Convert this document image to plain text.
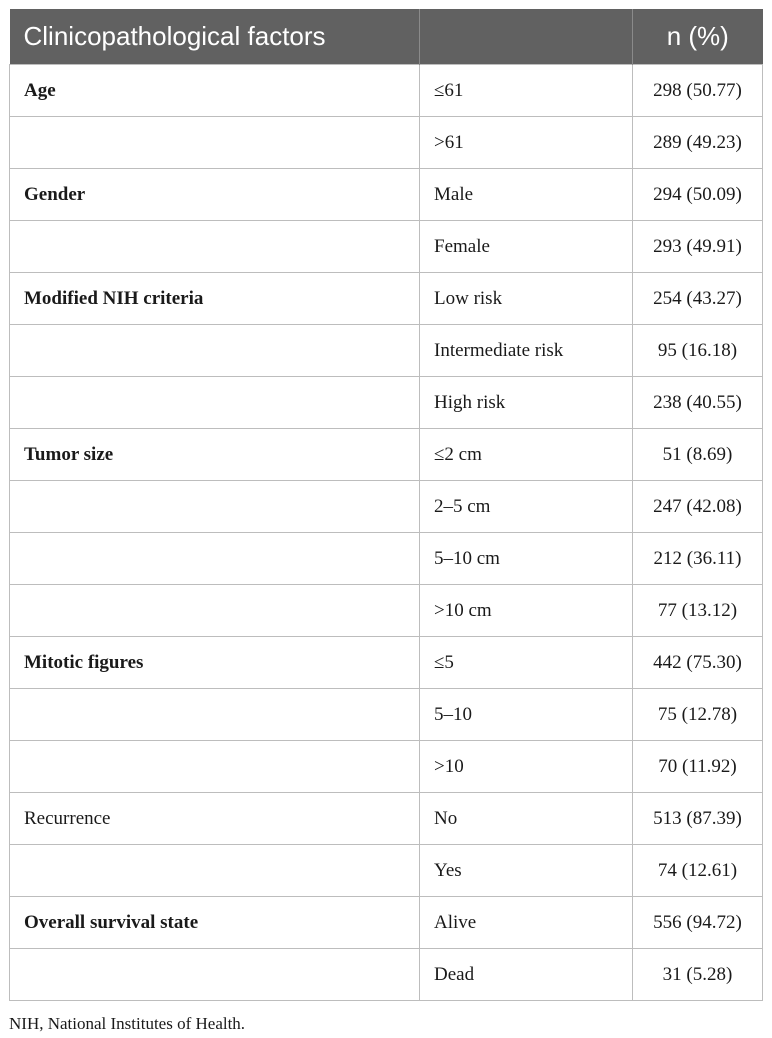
Clinicopathological factors		n (%)
Age	≤61	298 (50.77)
	>61	289 (49.23)
Gender	Male	294 (50.09)
	Female	293 (49.91)
Modified NIH criteria	Low risk	254 (43.27)
	Intermediate risk	95 (16.18)
	High risk	238 (40.55)
Tumor size	≤2 cm	51 (8.69)
	2–5 cm	247 (42.08)
	5–10 cm	212 (36.11)
	>10 cm	77 (13.12)
Mitotic figures	≤5	442 (75.30)
	5–10	75 (12.78)
	>10	70 (11.92)
Recurrence	No	513 (87.39)
	Yes	74 (12.61)
Overall survival state	Alive	556 (94.72)
	Dead	31 (5.28)
NIH, National Institutes of Health.
